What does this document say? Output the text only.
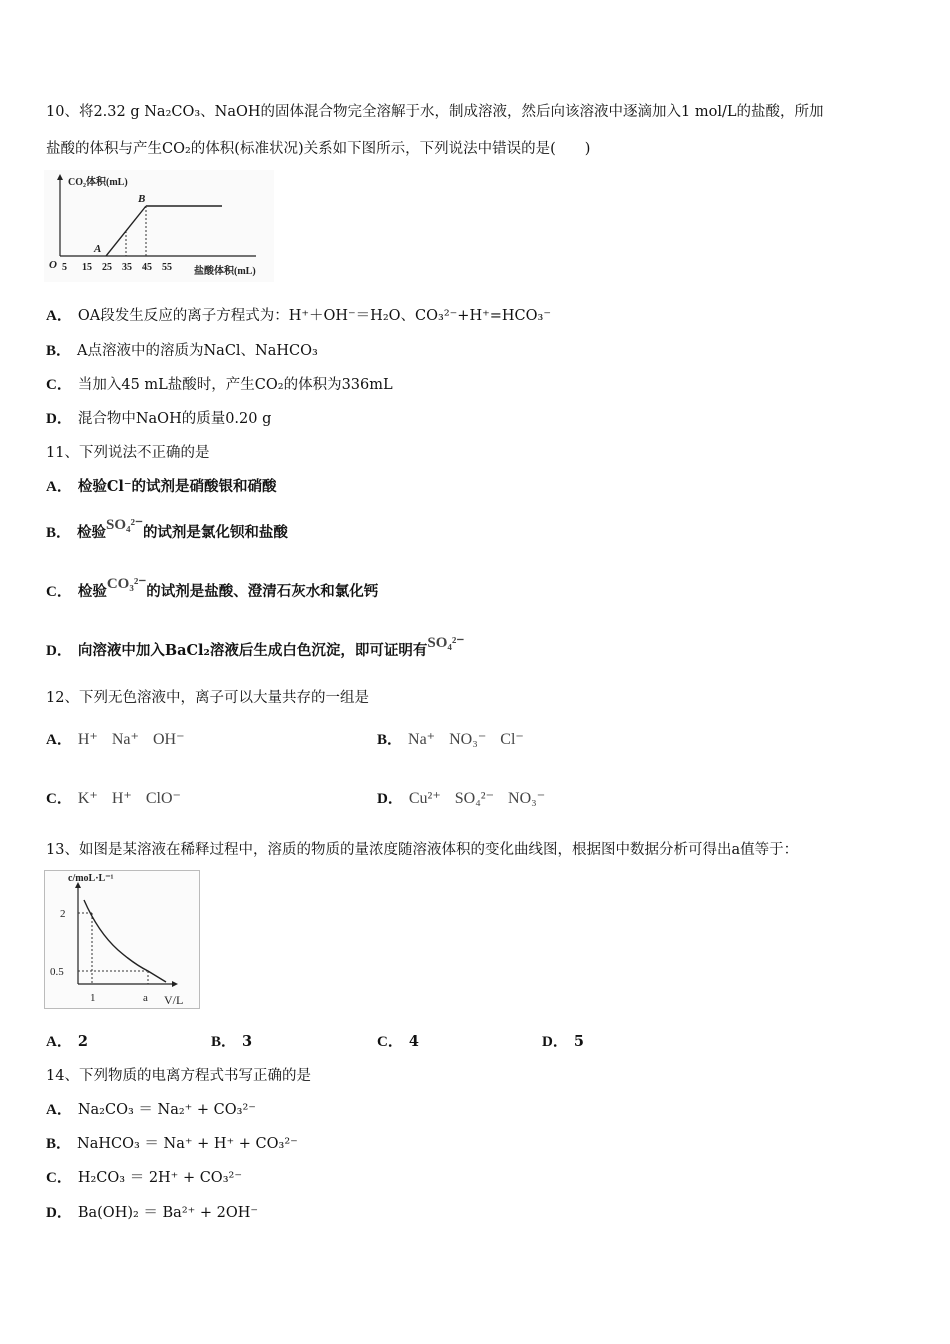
10、将2.32 g Na₂CO₃、NaOH的固体混合物完全溶解于水，制成溶液，然后向该溶液中逐滴加入1 mol/L的盐酸，所加
盐酸的体积与产生CO₂的体积(标准状况)关系如下图所示，下列说法中错误的是(　　)
CO₂体积(mL)
O 5 15 25 35 45 55 盐酸体积(mL)
A
B
A． OA段发生反应的离子方程式为：H⁺＋OH⁻＝H₂O、CO₃²⁻+H⁺=HCO₃⁻
B． A点溶液中的溶质为NaCl、NaHCO₃
C． 当加入45 mL盐酸时，产生CO₂的体积为336mL
D． 混合物中NaOH的质量0.20 g
11、下列说法不正确的是
A． 检验Cl⁻的试剂是硝酸银和硝酸
B． 检验SO₄²⁻的试剂是氯化钡和盐酸
C． 检验CO₃²⁻的试剂是盐酸、澄清石灰水和氯化钙
D． 向溶液中加入BaCl₂溶液后生成白色沉淀，即可证明有SO₄²⁻
12、下列无色溶液中，离子可以大量共存的一组是
A． H⁺ Na⁺ OH⁻	B． Na⁺ NO₃⁻ Cl⁻
C． K⁺ H⁺ ClO⁻	D． Cu²⁺ SO₄²⁻ NO₃⁻
13、如图是某溶液在稀释过程中，溶质的物质的量浓度随溶液体积的变化曲线图，根据图中数据分析可得出a值等于：
c/moL·L⁻¹
V/L
2
0.5
1	a
A． 2	B． 3	C． 4	D． 5
14、下列物质的电离方程式书写正确的是
A． Na₂CO₃ ＝ Na₂⁺ + CO₃²⁻
B． NaHCO₃ ＝ Na⁺ + H⁺ + CO₃²⁻
C． H₂CO₃ ＝ 2H⁺ + CO₃²⁻
D． Ba(OH)₂ ＝ Ba²⁺ + 2OH⁻
